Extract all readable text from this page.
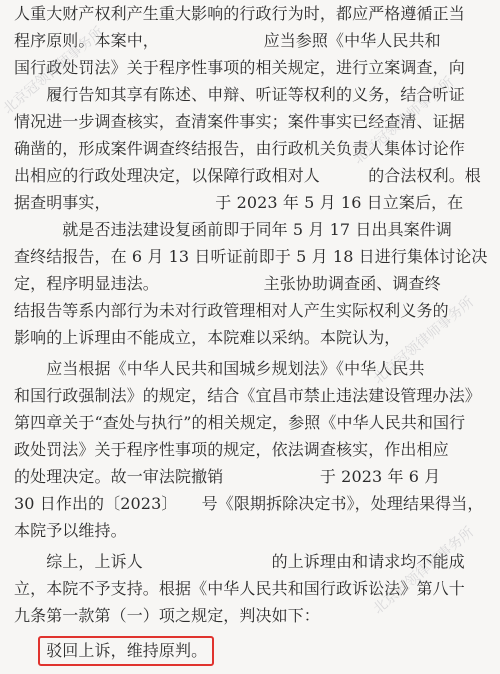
人重大财产权利产生重大影响的行政行为时，都应严格遵循正当
程序原则。本案中，　　　　　　　应当参照《中华人民共和
国行政处罚法》关于程序性事项的相关规定，进行立案调查，向
　　履行告知其享有陈述、申辩、听证等权利的义务，结合听证
情况进一步调查核实，查清案件事实；案件事实已经查清、证据
确凿的，形成案件调查终结报告，由行政机关负责人集体讨论作
出相应的行政处理决定，以保障行政相对人　　　的合法权利。根
据查明事实，　　　　　　　于 2023 年 5 月 16 日立案后，在
　　　就是否违法建设复函前即于同年 5 月 17 日出具案件调
查终结报告，在 6 月 13 日听证前即于 5 月 18 日进行集体讨论决
定，程序明显违法。　　　　　　　主张协助调查函、调查终
结报告等系内部行为未对行政管理相对人产生实际权利义务的
影响的上诉理由不能成立，本院难以采纳。本院认为，
　　应当根据《中华人民共和国城乡规划法》《中华人民共
和国行政强制法》的规定，结合《宜昌市禁止违法建设管理办法》
第四章关于“查处与执行”的相关规定，参照《中华人民共和国行
政处罚法》关于程序性事项的规定，依法调查核实，作出相应
的处理决定。故一审法院撤销　　　　　　于 2023 年 6 月
30 日作出的〔2023〕　　号《限期拆除决定书》，处理结果得当，
本院予以维持。
　　综上，上诉人　　　　　　　　的上诉理由和请求均不能成
立，本院不予支持。根据《中华人民共和国行政诉讼法》第八十
九条第一款第（一）项之规定，判决如下：
　　驳回上诉，维持原判。
北京冠领律师事务所
北京冠领律师事务所
北京冠领律师事务所
北京冠领律师事务所
